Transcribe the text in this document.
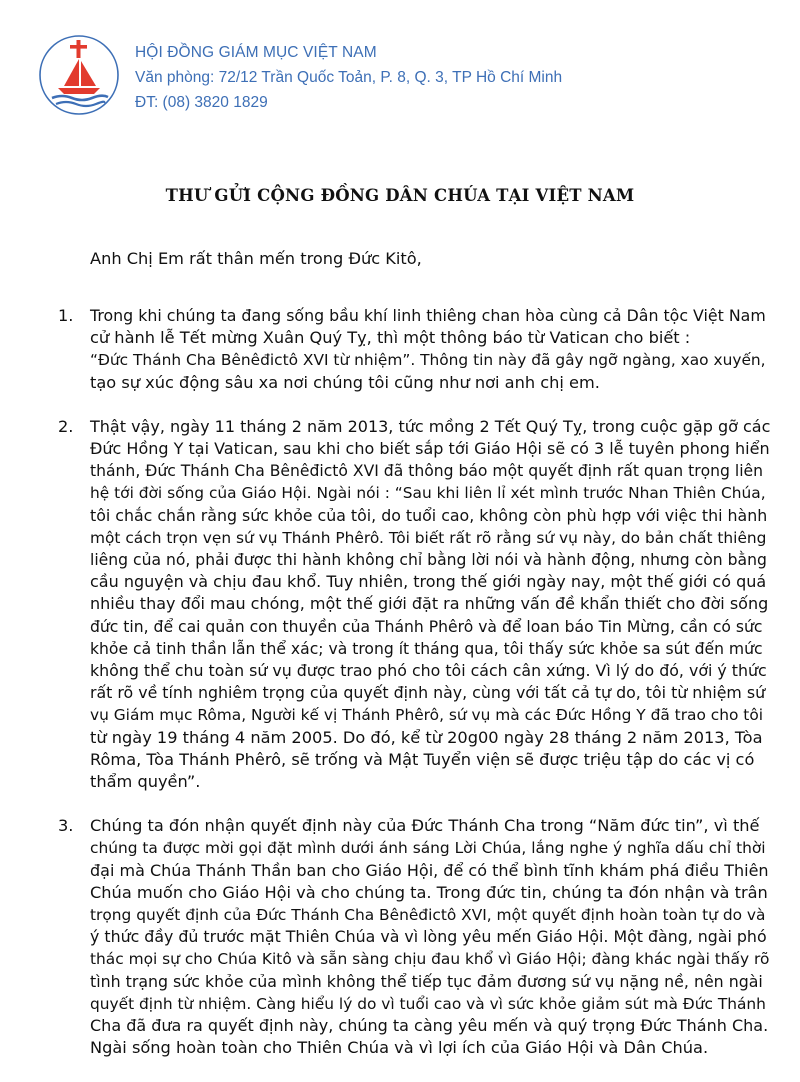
HỘI ĐỒNG GIÁM MỤC VIỆT NAM
Văn phòng: 72/12 Trần Quốc Toản, P. 8, Q. 3, TP Hồ Chí Minh
ĐT: (08) 3820 1829
THƯ GỬI CỘNG ĐỒNG DÂN CHÚA TẠI VIỆT NAM
Anh Chị Em rất thân mến trong Đức Kitô,
1. Trong khi chúng ta đang sống bầu khí linh thiêng chan hòa cùng cả Dân tộc Việt Nam
cử hành lễ Tết mừng Xuân Quý Tỵ, thì một thông báo từ Vatican cho biết :
“Đức Thánh Cha Bênêđictô XVI từ nhiệm”. Thông tin này đã gây ngỡ ngàng, xao xuyến,
tạo sự xúc động sâu xa nơi chúng tôi cũng như nơi anh chị em.
2. Thật vậy, ngày 11 tháng 2 năm 2013, tức mồng 2 Tết Quý Tỵ, trong cuộc gặp gỡ các
Đức Hồng Y tại Vatican, sau khi cho biết sắp tới Giáo Hội sẽ có 3 lễ tuyên phong hiển
thánh, Đức Thánh Cha Bênêđictô XVI đã thông báo một quyết định rất quan trọng liên
hệ tới đời sống của Giáo Hội. Ngài nói : “Sau khi liên lỉ xét mình trước Nhan Thiên Chúa,
tôi chắc chắn rằng sức khỏe của tôi, do tuổi cao, không còn phù hợp với việc thi hành
một cách trọn vẹn sứ vụ Thánh Phêrô. Tôi biết rất rõ rằng sứ vụ này, do bản chất thiêng
liêng của nó, phải được thi hành không chỉ bằng lời nói và hành động, nhưng còn bằng
cầu nguyện và chịu đau khổ. Tuy nhiên, trong thế giới ngày nay, một thế giới có quá
nhiều thay đổi mau chóng, một thế giới đặt ra những vấn đề khẩn thiết cho đời sống
đức tin, để cai quản con thuyền của Thánh Phêrô và để loan báo Tin Mừng, cần có sức
khỏe cả tinh thần lẫn thể xác; và trong ít tháng qua, tôi thấy sức khỏe sa sút đến mức
không thể chu toàn sứ vụ được trao phó cho tôi cách cân xứng. Vì lý do đó, với ý thức
rất rõ về tính nghiêm trọng của quyết định này, cùng với tất cả tự do, tôi từ nhiệm sứ
vụ Giám mục Rôma, Người kế vị Thánh Phêrô, sứ vụ mà các Đức Hồng Y đã trao cho tôi
từ ngày 19 tháng 4 năm 2005. Do đó, kể từ 20g00 ngày 28 tháng 2 năm 2013, Tòa
Rôma, Tòa Thánh Phêrô, sẽ trống và Mật Tuyển viện sẽ được triệu tập do các vị có
thẩm quyền”.
3. Chúng ta đón nhận quyết định này của Đức Thánh Cha trong “Năm đức tin”, vì thế
chúng ta được mời gọi đặt mình dưới ánh sáng Lời Chúa, lắng nghe ý nghĩa dấu chỉ thời
đại mà Chúa Thánh Thần ban cho Giáo Hội, để có thể bình tĩnh khám phá điều Thiên
Chúa muốn cho Giáo Hội và cho chúng ta. Trong đức tin, chúng ta đón nhận và trân
trọng quyết định của Đức Thánh Cha Bênêđictô XVI, một quyết định hoàn toàn tự do và
ý thức đầy đủ trước mặt Thiên Chúa và vì lòng yêu mến Giáo Hội. Một đàng, ngài phó
thác mọi sự cho Chúa Kitô và sẵn sàng chịu đau khổ vì Giáo Hội; đàng khác ngài thấy rõ
tình trạng sức khỏe của mình không thể tiếp tục đảm đương sứ vụ nặng nề, nên ngài
quyết định từ nhiệm. Càng hiểu lý do vì tuổi cao và vì sức khỏe giảm sút mà Đức Thánh
Cha đã đưa ra quyết định này, chúng ta càng yêu mến và quý trọng Đức Thánh Cha.
Ngài sống hoàn toàn cho Thiên Chúa và vì lợi ích của Giáo Hội và Dân Chúa.
